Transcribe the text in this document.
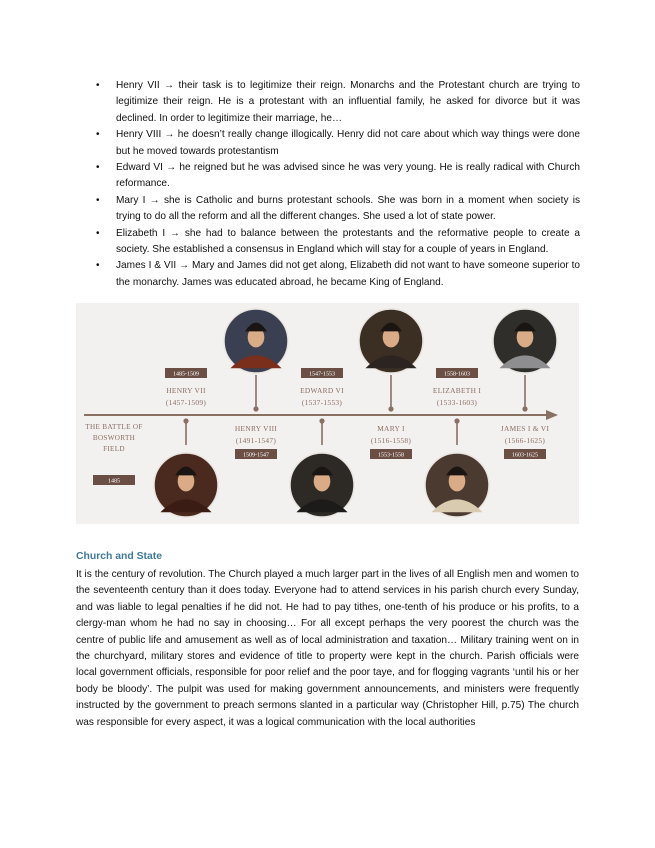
• Henry VII → their task is to legitimize their reign. Monarchs and the Protestant church are trying to legitimize their reign. He is a protestant with an influential family, he asked for divorce but it was declined. In order to legitimize their marriage, he…
• Henry VIII → he doesn’t really change illogically. Henry did not care about which way things were done but he moved towards protestantism
• Edward VI → he reigned but he was advised since he was very young. He is really radical with Church reformance.
• Mary I → she is Catholic and burns protestant schools. She was born in a moment when society is trying to do all the reform and all the different changes. She used a lot of state power.
• Elizabeth I → she had to balance between the protestants and the reformative people to create a society. She established a consensus in England which will stay for a couple of years in England.
• James I & VII → Mary and James did not get along, Elizabeth did not want to have someone superior to the monarchy. James was educated abroad, he became King of England.
THE BATTLE OF
BOSWORTH
FIELD
1485
1485-1509
HENRY VII
(1457-1509)
HENRY VIII
(1491-1547)
1509-1547
1547-1553
EDWARD VI
(1537-1553)
MARY I
(1516-1558)
1553-1558
1558-1603
ELIZABETH I
(1533-1603)
JAMES I & VI
(1566-1625)
1603-1625
Church and State

It is the century of revolution. The Church played a much larger part in the lives of all English men and women to the seventeenth century than it does today. Everyone had to attend services in his parish church every Sunday, and was liable to legal penalties if he did not. He had to pay tithes, one-tenth of his produce or his profits, to a clergy-man whom he had no say in choosing… For all except perhaps the very poorest the church was the centre of public life and amusement as well as of local administration and taxation… Military training went on in the churchyard, military stores and evidence of title to property were kept in the church. Parish officials were local government officials, responsible for poor relief and the poor taye, and for flogging vagrants ‘until his or her body be bloody’. The pulpit was used for making government announcements, and ministers were frequently instructed by the government to preach sermons slanted in a particular way (Christopher Hill, p.75) The church was responsible for every aspect, it was a logical communication with the local authorities
